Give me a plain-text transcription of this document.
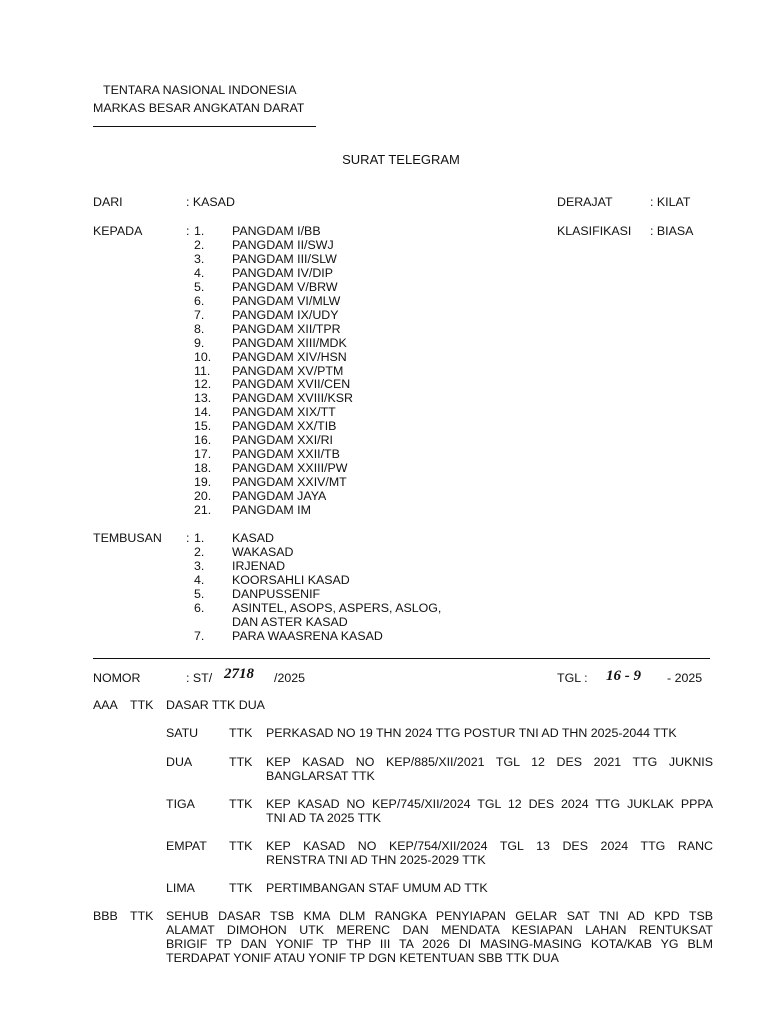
TENTARA NASIONAL INDONESIA
MARKAS BESAR ANGKATAN DARAT
SURAT TELEGRAM
DARI	: KASAD	DERAJAT	: KILAT
KEPADA	:	KLASIFIKASI : BIASA
1. PANGDAM I/BB
2. PANGDAM II/SWJ
3. PANGDAM III/SLW
4. PANGDAM IV/DIP
5. PANGDAM V/BRW
6. PANGDAM VI/MLW
7. PANGDAM IX/UDY
8. PANGDAM XII/TPR
9. PANGDAM XIII/MDK
10. PANGDAM XIV/HSN
11. PANGDAM XV/PTM
12. PANGDAM XVII/CEN
13. PANGDAM XVIII/KSR
14. PANGDAM XIX/TT
15. PANGDAM XX/TIB
16. PANGDAM XXI/RI
17. PANGDAM XXII/TB
18. PANGDAM XXIII/PW
19. PANGDAM XXIV/MT
20. PANGDAM JAYA
21. PANGDAM IM
TEMBUSAN : 1. KASAD
2. WAKASAD
3. IRJENAD
4. KOORSAHLI KASAD
5. DANPUSSENIF
6. ASINTEL, ASOPS, ASPERS, ASLOG,
DAN ASTER KASAD
7. PARA WAASRENA KASAD
NOMOR	: ST/ 2718 /2025	TGL : 16 - 9 - 2025
AAA TTK DASAR TTK DUA
SATU TTK PERKASAD NO 19 THN 2024 TTG POSTUR TNI AD THN 2025-2044 TTK
DUA	TTK KEP KASAD NO KEP/885/XII/2021 TGL 12 DES 2021 TTG JUKNIS
BANGLARSAT TTK
TIGA	TTK KEP KASAD NO KEP/745/XII/2024 TGL 12 DES 2024 TTG JUKLAK PPPA
TNI AD TA 2025 TTK
EMPAT TTK KEP KASAD NO KEP/754/XII/2024 TGL 13 DES 2024 TTG RANC
RENSTRA TNI AD THN 2025-2029 TTK
LIMA	TTK PERTIMBANGAN STAF UMUM AD TTK
BBB TTK SEHUB DASAR TSB KMA DLM RANGKA PENYIAPAN GELAR SAT TNI AD KPD TSB
ALAMAT DIMOHON UTK MERENC DAN MENDATA KESIAPAN LAHAN RENTUKSAT
BRIGIF TP DAN YONIF TP THP III TA 2026 DI MASING-MASING KOTA/KAB YG BLM
TERDAPAT YONIF ATAU YONIF TP DGN KETENTUAN SBB TTK DUA
